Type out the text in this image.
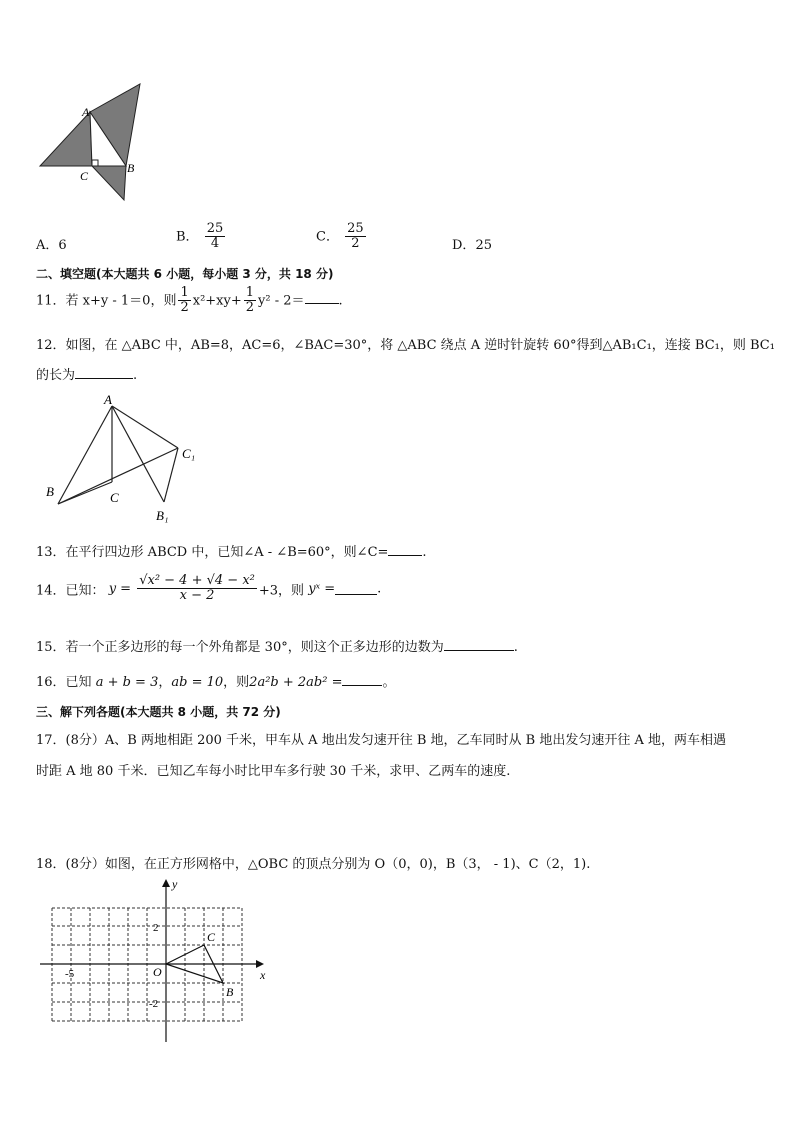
A
C
B
A．6
B． $\frac{25}{4}$	C． $\frac{25}{2}$	D．25
二、填空题(本大题共 6 小题，每小题 3 分，共 18 分)
11．若 x+y - 1＝0，则 $\frac{1}{2} x^2+xy+ \frac{1}{2} y^2 - 2=$	.
12．如图，在 △ABC 中，AB=8，AC=6，∠BAC=30°，将 △ABC 绕点 A 逆时针旋转 60°得到△AB₁C₁，连接 BC₁，则 BC₁
的长为	.
A
B	C
C₁
B₁
13．在平行四边形 ABCD 中，已知∠A - ∠B=60°，则∠C=	.
14．已知： $y = \frac{\text{√x² − 4 + √4 − x²}}{x - 2} +3$，则 yˣ =	.
15．若一个正多边形的每一个外角都是 30°，则这个正多边形的边数为	.
16．已知 a + b = 3，ab = 10，则2a²b + 2ab² =	。
三、解下列各题(本大题共 8 小题，共 72 分)
17．(8分）A、B 两地相距 200 千米，甲车从 A 地出发匀速开往 B 地，乙车同时从 B 地出发匀速开往 A 地，两车相遇
时距 A 地 80 千米．已知乙车每小时比甲车多行驶 30 千米，求甲、乙两车的速度.
18．(8分）如图，在正方形网格中，△OBC 的顶点分别为 O（0，0)，B（3， - 1)、C（2，1).
y
x
O
C
B
2
-2
-5
